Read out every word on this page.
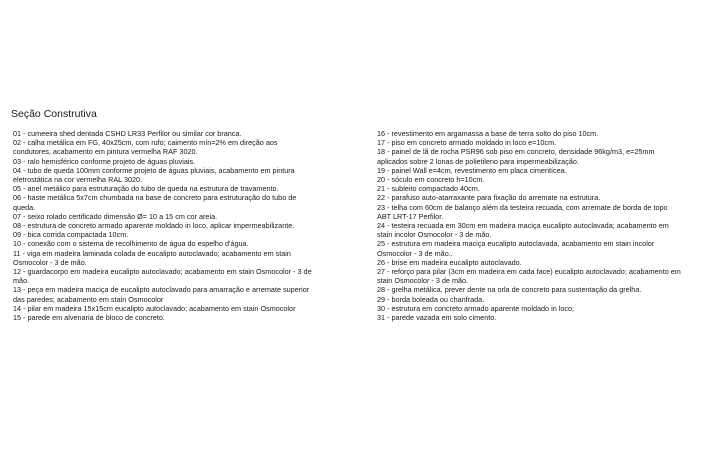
Seção Construtiva

01 - cumeeira shed dentada CSHD LR33 Perfilor ou similar cor branca.

02 - calha metálica em FG, 40x25cm, com rufo; caimento mín=2% em direção aos condutores, acabamento em pintura vermelha RAF 3020.

03 - ralo hemisférico conforme projeto de águas pluviais.

04 - tubo de queda 100mm conforme projeto de águas pluviais, acabamento em pintura eletrostática na cor vermelha RAL 3020.

05 - anel metálico para estruturação do tubo de queda na estrutura de travamento.

06 - haste metálica 5x7cm chumbada na base de concreto para estruturação do tubo de queda.

07 - seixo rolado certificado dimensão Ø= 10 a 15 cm cor areia.

08 - estrutura de concreto armado aparente moldado in loco, aplicar impermeabilizante.

09 - bica corrida compactada 10cm.

10 - conexão com o sistema de recolhimento de água do espelho d'água.

11 - viga em madeira laminada colada de eucalipto autoclavado; acabamento em stain Osmocolor - 3 de mão.

12 - guardacorpo em madeira eucalipto autoclavado; acabamento em stain Osmocolor - 3 de mão.

13 - peça em madeira maciça de eucalipto autoclavado para amarração e arremate superior das paredes; acabamento em stain Osmocolor

14 - pilar em madeira 15x15cm eucalipto autoclavado; acabamento em stain Osmocolor

15 - parede em alvenaria de bloco de concreto.

16 - revestimento em argamassa a base de terra solto do piso 10cm.

17 - piso em concreto armado moldado in loco e=10cm.

18 - painel de lã de rocha PSR96 sob piso em concreto, densidade 96kg/m3, e=25mm aplicados sobre 2 lonas de polietileno para impermeabilização.

19 - painel Wall e=4cm, revestimento em placa cimentícea.

20 - sóculo em concreto h=10cm.

21 - subleito compactado 40cm.

22 - parafuso auto-atarraxante para fixação do arremate na estrutura.

23 - telha com 60cm de balanço além da testeira recuada, com arremate de borda de topo ABT LRT-17 Perfilor.

24 - testeira recuada em 30cm em madeira maciça eucalipto autoclavada; acabamento em stain incolor Osmocolor - 3 de mão.

25 - estrutura em madeira maciça eucalipto autoclavada, acabamento em stain incolor Osmocolor - 3 de mão..

26 - brise em madeira eucalipto autoclavado.

27 - reforço para pilar (3cm em madeira em cada face) eucalipto autoclavado; acabamento em stain Osmocolor - 3 de mão.

28 - grelha metálica, prever dente na orla de concreto para sustentação da grelha.

29 - borda boleada ou chanfrada.

30 - estrutura em concreto armado aparente moldado in loco;

31 - parede vazada em solo cimento.
